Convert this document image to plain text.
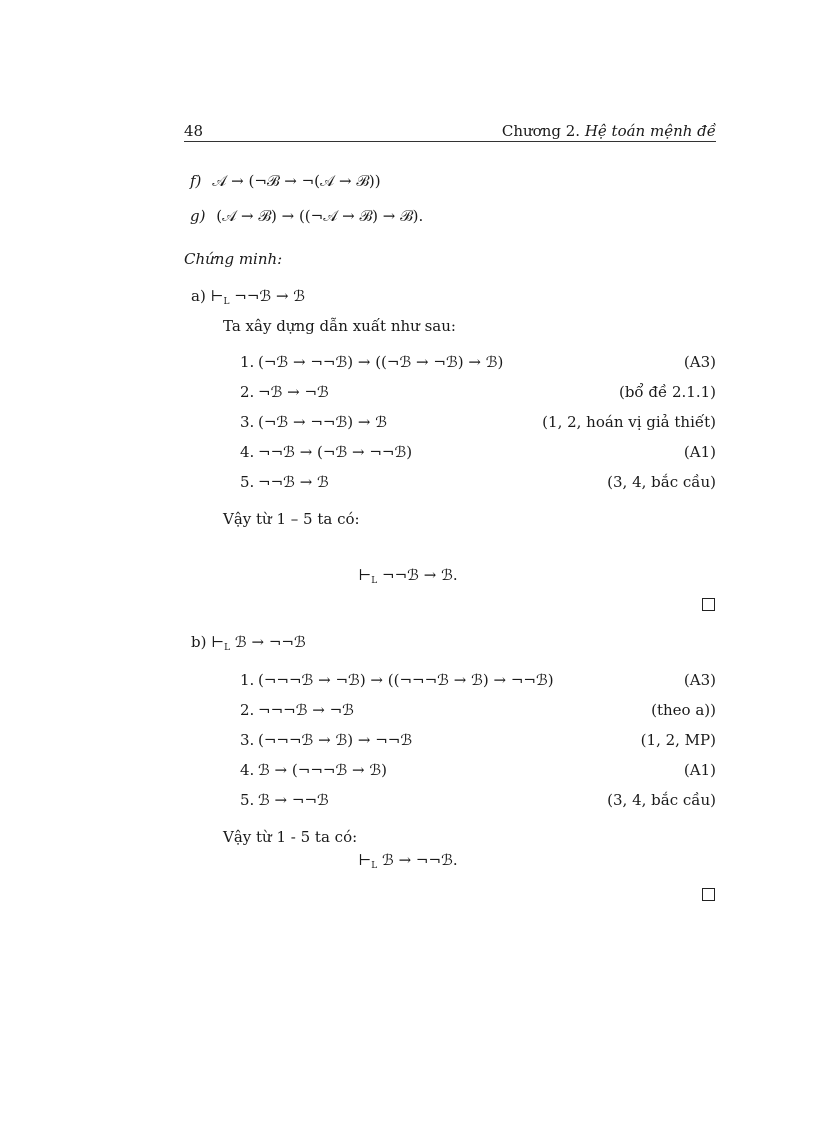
48	Chương 2. Hệ toán mệnh đề
f) 𝒜 → (¬ℬ → ¬(𝒜 → ℬ))
g) (𝒜 → ℬ) → ((¬𝒜 → ℬ) → ℬ).
Chứng minh:
a) $⊢_L$ ¬¬ℬ → ℬ
Ta xây dựng dẫn xuất như sau:
1. (¬ℬ → ¬¬ℬ) → ((¬ℬ → ¬ℬ) → ℬ)	(A3)
2. ¬ℬ → ¬ℬ	(bổ đề 2.1.1)
3. (¬ℬ → ¬¬ℬ) → ℬ	(1, 2, hoán vị giả thiết)
4. ¬¬ℬ → (¬ℬ → ¬¬ℬ)	(A1)
5. ¬¬ℬ → ℬ	(3, 4, bắc cầu)
Vậy từ 1 – 5 ta có:
$⊢_L$ ¬¬ℬ → ℬ.
b) $⊢_L$ ℬ → ¬¬ℬ
1. (¬¬¬ℬ → ¬ℬ) → ((¬¬¬ℬ → ℬ) → ¬¬ℬ)	(A3)
2. ¬¬¬ℬ → ¬ℬ	(theo a))
3. (¬¬¬ℬ → ℬ) → ¬¬ℬ	(1, 2, MP)
4. ℬ → (¬¬¬ℬ → ℬ)	(A1)
5. ℬ → ¬¬ℬ	(3, 4, bắc cầu)
Vậy từ 1 - 5 ta có:
$⊢_L$ ℬ → ¬¬ℬ.
